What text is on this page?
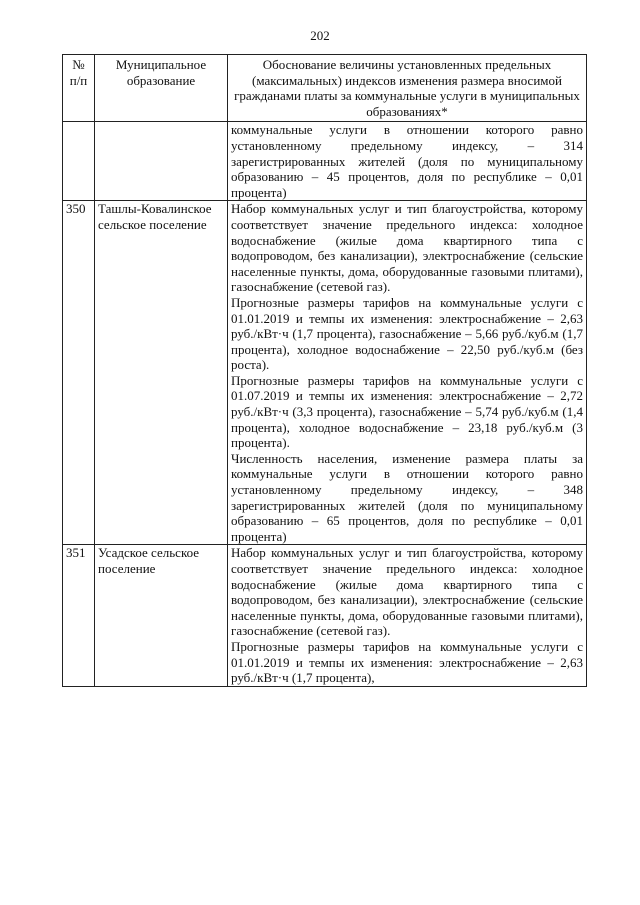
202
№ п/п	Муниципальное образование	Обоснование величины установленных предельных (максимальных) индексов изменения размера вносимой гражданами платы за коммунальные услуги в муниципальных образованиях*

		коммунальные услуги в отношении которого равно установленному предельному индексу, – 314 зарегистрированных жителей (доля по муниципальному образованию – 45 процентов, доля по республике – 0,01 процента)

350	Ташлы-Ковалинское сельское поселение	Набор коммунальных услуг и тип благоустройства, которому соответствует значение предельного индекса: холодное водоснабжение (жилые дома квартирного типа с водопроводом, без канализации), электроснабжение (сельские населенные пункты, дома, оборудованные газовыми плитами), газоснабжение (сетевой газ).

Прогнозные размеры тарифов на коммунальные услуги с 01.01.2019 и темпы их изменения: электроснабжение – 2,63 руб./кВт·ч (1,7 процента), газоснабжение – 5,66 руб./куб.м (1,7 процента), холодное водоснабжение – 22,50 руб./куб.м (без роста).

Прогнозные размеры тарифов на коммунальные услуги с 01.07.2019 и темпы их изменения: электроснабжение – 2,72 руб./кВт·ч (3,3 процента), газоснабжение – 5,74 руб./куб.м (1,4 процента), холодное водоснабжение – 23,18 руб./куб.м (3 процента).

Численность населения, изменение размера платы за коммунальные услуги в отношении которого равно установленному предельному индексу, – 348 зарегистрированных жителей (доля по муниципальному образованию – 65 процентов, доля по республике – 0,01 процента)

351	Усадское сельское поселение	Набор коммунальных услуг и тип благоустройства, которому соответствует значение предельного индекса: холодное водоснабжение (жилые дома квартирного типа с водопроводом, без канализации), электроснабжение (сельские населенные пункты, дома, оборудованные газовыми плитами), газоснабжение (сетевой газ).

Прогнозные размеры тарифов на коммунальные услуги с 01.01.2019 и темпы их изменения: электроснабжение – 2,63 руб./кВт·ч (1,7 процента),
